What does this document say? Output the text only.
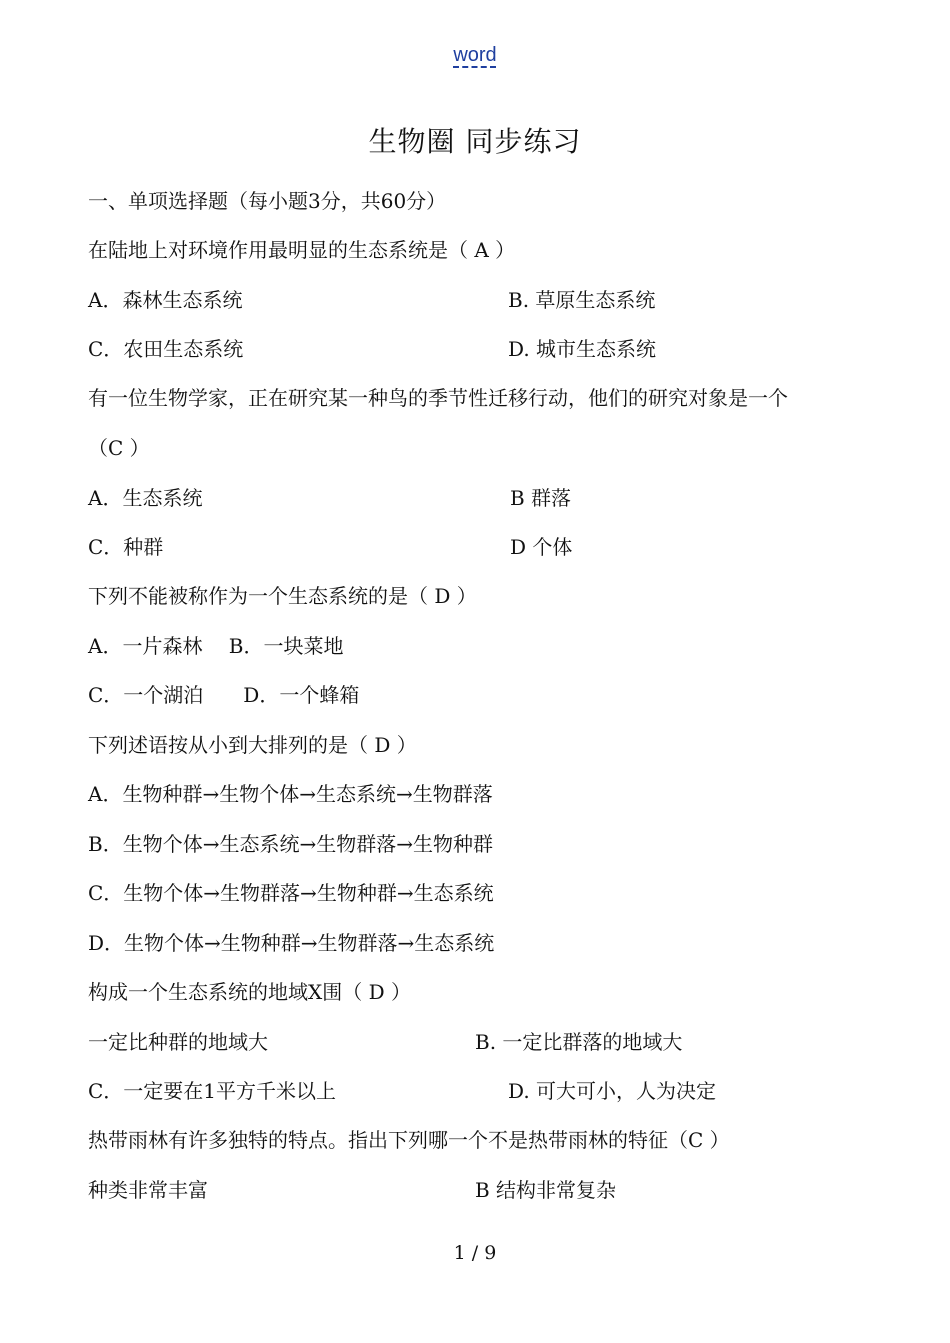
word
生物圈 同步练习
一、单项选择题（每小题3分，共60分）
在陆地上对环境作用最明显的生态系统是（ A ）
A．森林生态系统	B. 草原生态系统
C．农田生态系统	D. 城市生态系统
有一位生物学家，正在研究某一种鸟的季节性迁移行动，他们的研究对象是一个
（C ）
A．生态系统	B 群落
C．种群	D 个体
下列不能被称作为一个生态系统的是（ D ）
A．一片森林　 B．一块菜地
C．一个湖泊　　D．一个蜂箱
下列述语按从小到大排列的是（ D ）
A．生物种群→生物个体→生态系统→生物群落
B．生物个体→生态系统→生物群落→生物种群
C．生物个体→生物群落→生物种群→生态系统
D．生物个体→生物种群→生物群落→生态系统
构成一个生态系统的地域X围（ D ）
一定比种群的地域大	B. 一定比群落的地域大
C．一定要在1平方千米以上	D. 可大可小，人为决定
热带雨林有许多独特的特点。指出下列哪一个不是热带雨林的特征（C ）
种类非常丰富	B 结构非常复杂
1 / 9
